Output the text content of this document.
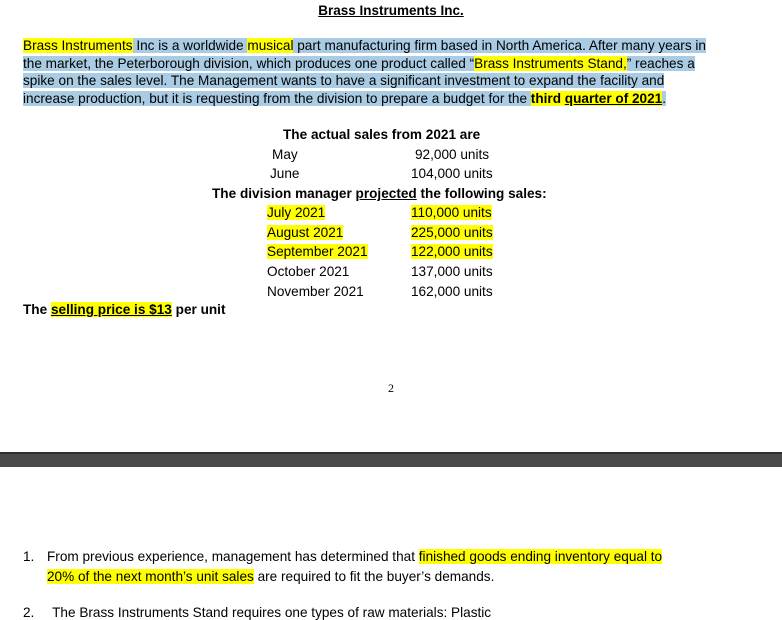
Brass Instruments Inc.
Brass Instruments Inc is a worldwide musical part manufacturing firm based in North America. After many years in
the market, the Peterborough division, which produces one product called “Brass Instruments Stand,” reaches a
spike on the sales level. The Management wants to have a significant investment to expand the facility and
increase production, but it is requesting from the division to prepare a budget for the third quarter of 2021.
The actual sales from 2021 are
May	92,000 units
June	104,000 units
The division manager projected the following sales:
July 2021	110,000 units
August 2021	225,000 units
September 2021	122,000 units
October 2021	137,000 units
November 2021	162,000 units
The selling price is $13 per unit
2
1. From previous experience, management has determined that finished goods ending inventory equal to
20% of the next month’s unit sales are required to fit the buyer’s demands.
2. The Brass Instruments Stand requires one types of raw materials: Plastic
